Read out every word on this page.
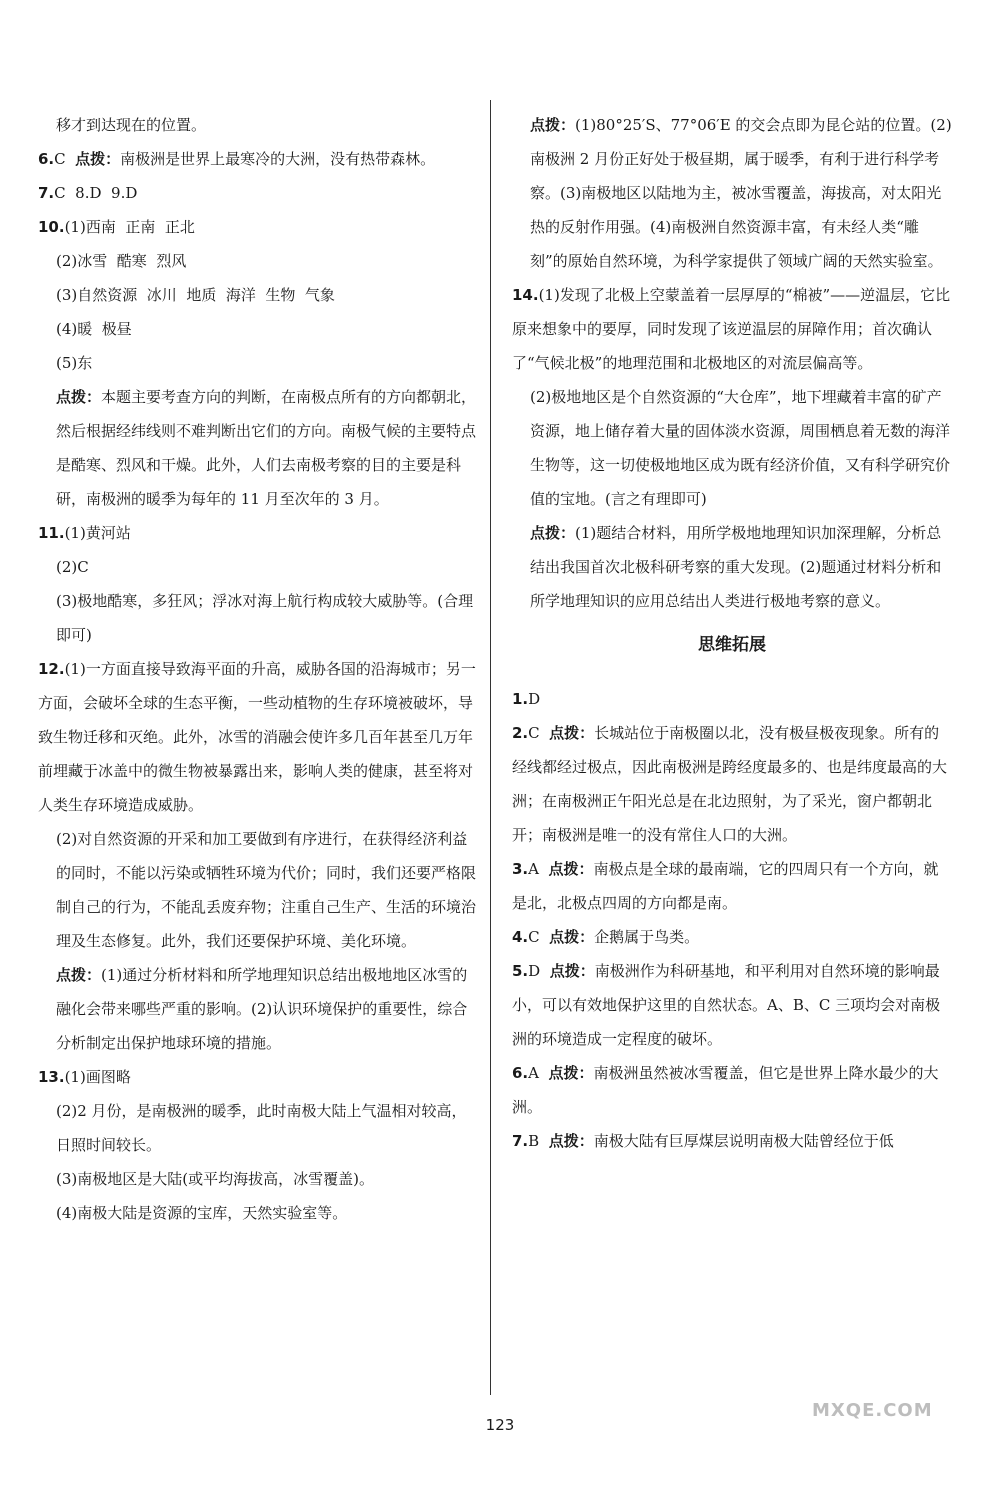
移才到达现在的位置。

6.C  点拨：南极洲是世界上最寒冷的大洲，没有热带森林。

7.C  8.D  9.D

10.(1)西南  正南  正北

(2)冰雪  酷寒  烈风

(3)自然资源  冰川  地质  海洋  生物  气象

(4)暖  极昼

(5)东

点拨：本题主要考查方向的判断，在南极点所有的方向都朝北，然后根据经纬线则不难判断出它们的方向。南极气候的主要特点是酷寒、烈风和干燥。此外，人们去南极考察的目的主要是科研，南极洲的暖季为每年的 11 月至次年的 3 月。

11.(1)黄河站

(2)C

(3)极地酷寒，多狂风；浮冰对海上航行构成较大威胁等。(合理即可)

12.(1)一方面直接导致海平面的升高，威胁各国的沿海城市；另一方面，会破坏全球的生态平衡，一些动植物的生存环境被破坏，导致生物迁移和灭绝。此外，冰雪的消融会使许多几百年甚至几万年前埋藏于冰盖中的微生物被暴露出来，影响人类的健康，甚至将对人类生存环境造成威胁。

(2)对自然资源的开采和加工要做到有序进行，在获得经济利益的同时，不能以污染或牺牲环境为代价；同时，我们还要严格限制自己的行为，不能乱丢废弃物；注重自己生产、生活的环境治理及生态修复。此外，我们还要保护环境、美化环境。

点拨：(1)通过分析材料和所学地理知识总结出极地地区冰雪的融化会带来哪些严重的影响。(2)认识环境保护的重要性，综合分析制定出保护地球环境的措施。

13.(1)画图略

(2)2 月份，是南极洲的暖季，此时南极大陆上气温相对较高，日照时间较长。

(3)南极地区是大陆(或平均海拔高，冰雪覆盖)。

(4)南极大陆是资源的宝库，天然实验室等。

点拨：(1)80°25′S、77°06′E 的交会点即为昆仑站的位置。(2)南极洲 2 月份正好处于极昼期，属于暖季，有利于进行科学考察。(3)南极地区以陆地为主，被冰雪覆盖，海拔高，对太阳光热的反射作用强。(4)南极洲自然资源丰富，有未经人类“雕刻”的原始自然环境，为科学家提供了领域广阔的天然实验室。

14.(1)发现了北极上空蒙盖着一层厚厚的“棉被”——逆温层，它比原来想象中的要厚，同时发现了该逆温层的屏障作用；首次确认了“气候北极”的地理范围和北极地区的对流层偏高等。

(2)极地地区是个自然资源的“大仓库”，地下埋藏着丰富的矿产资源，地上储存着大量的固体淡水资源，周围栖息着无数的海洋生物等，这一切使极地地区成为既有经济价值，又有科学研究价值的宝地。(言之有理即可)

点拨：(1)题结合材料，用所学极地地理知识加深理解，分析总结出我国首次北极科研考察的重大发现。(2)题通过材料分析和所学地理知识的应用总结出人类进行极地考察的意义。

思维拓展

1.D

2.C  点拨：长城站位于南极圈以北，没有极昼极夜现象。所有的经线都经过极点，因此南极洲是跨经度最多的、也是纬度最高的大洲；在南极洲正午阳光总是在北边照射，为了采光，窗户都朝北开；南极洲是唯一的没有常住人口的大洲。

3.A  点拨：南极点是全球的最南端，它的四周只有一个方向，就是北，北极点四周的方向都是南。

4.C  点拨：企鹅属于鸟类。

5.D  点拨：南极洲作为科研基地，和平利用对自然环境的影响最小，可以有效地保护这里的自然状态。A、B、C 三项均会对南极洲的环境造成一定程度的破坏。

6.A  点拨：南极洲虽然被冰雪覆盖，但它是世界上降水最少的大洲。

7.B  点拨：南极大陆有巨厚煤层说明南极大陆曾经位于低

123
MXQE.COM
